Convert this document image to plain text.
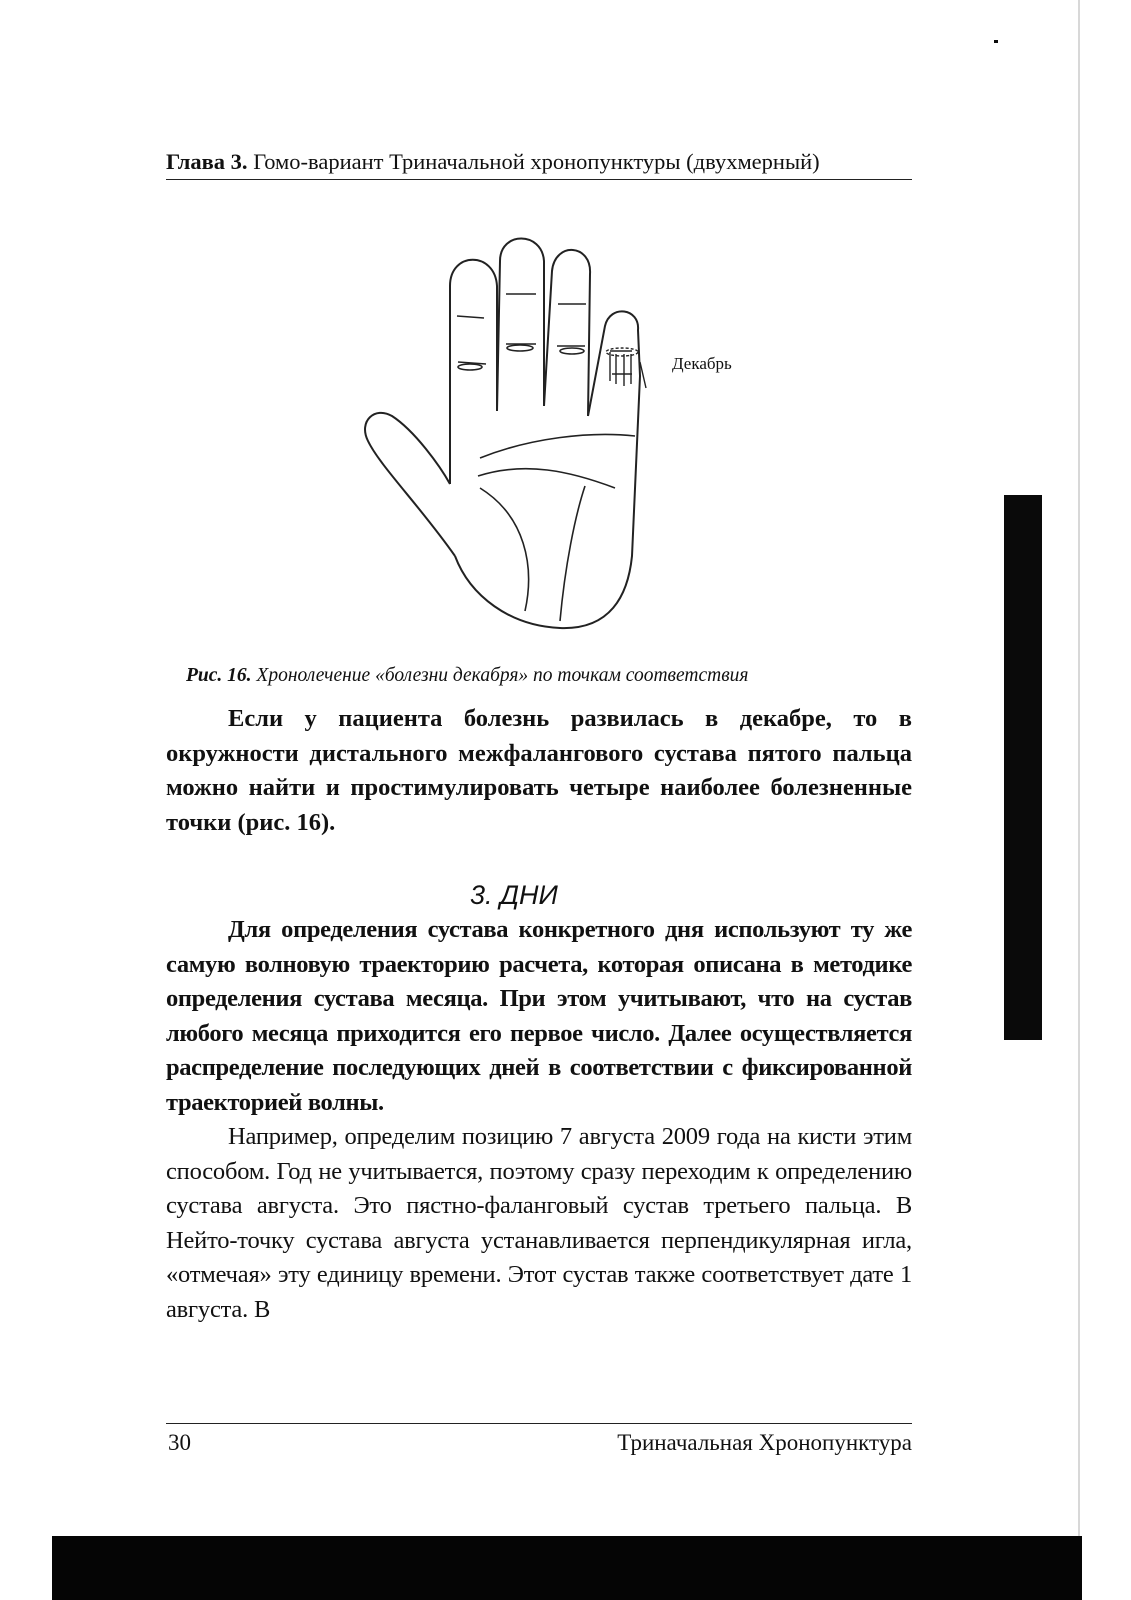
Глава 3. Гомо-вариант Триначальной хронопунктуры (двухмерный)
Декабрь
Рис. 16. Хронолечение «болезни декабря» по точкам соответствия

Если у пациента болезнь развилась в декабре, то в окружности дистального межфалангового сустава пятого пальца можно найти и простимулировать четыре наиболее болезненные точки (рис. 16).

3. ДНИ

Для определения сустава конкретного дня используют ту же самую волновую траекторию расчета, которая описана в методике определения сустава месяца. При этом учитывают, что на сустав любого месяца приходится его первое число. Далее осуществляется распределение последующих дней в соответствии с фиксированной траекторией волны.

Например, определим позицию 7 августа 2009 года на кисти этим способом. Год не учитывается, поэтому сразу переходим к определению сустава августа. Это пястно-фаланговый сустав третьего пальца. В Нейто-точку сустава августа устанавливается перпендикулярная игла, «отмечая» эту единицу времени. Этот сустав также соответствует дате 1 августа. В

30	Триначальная Хронопунктура
